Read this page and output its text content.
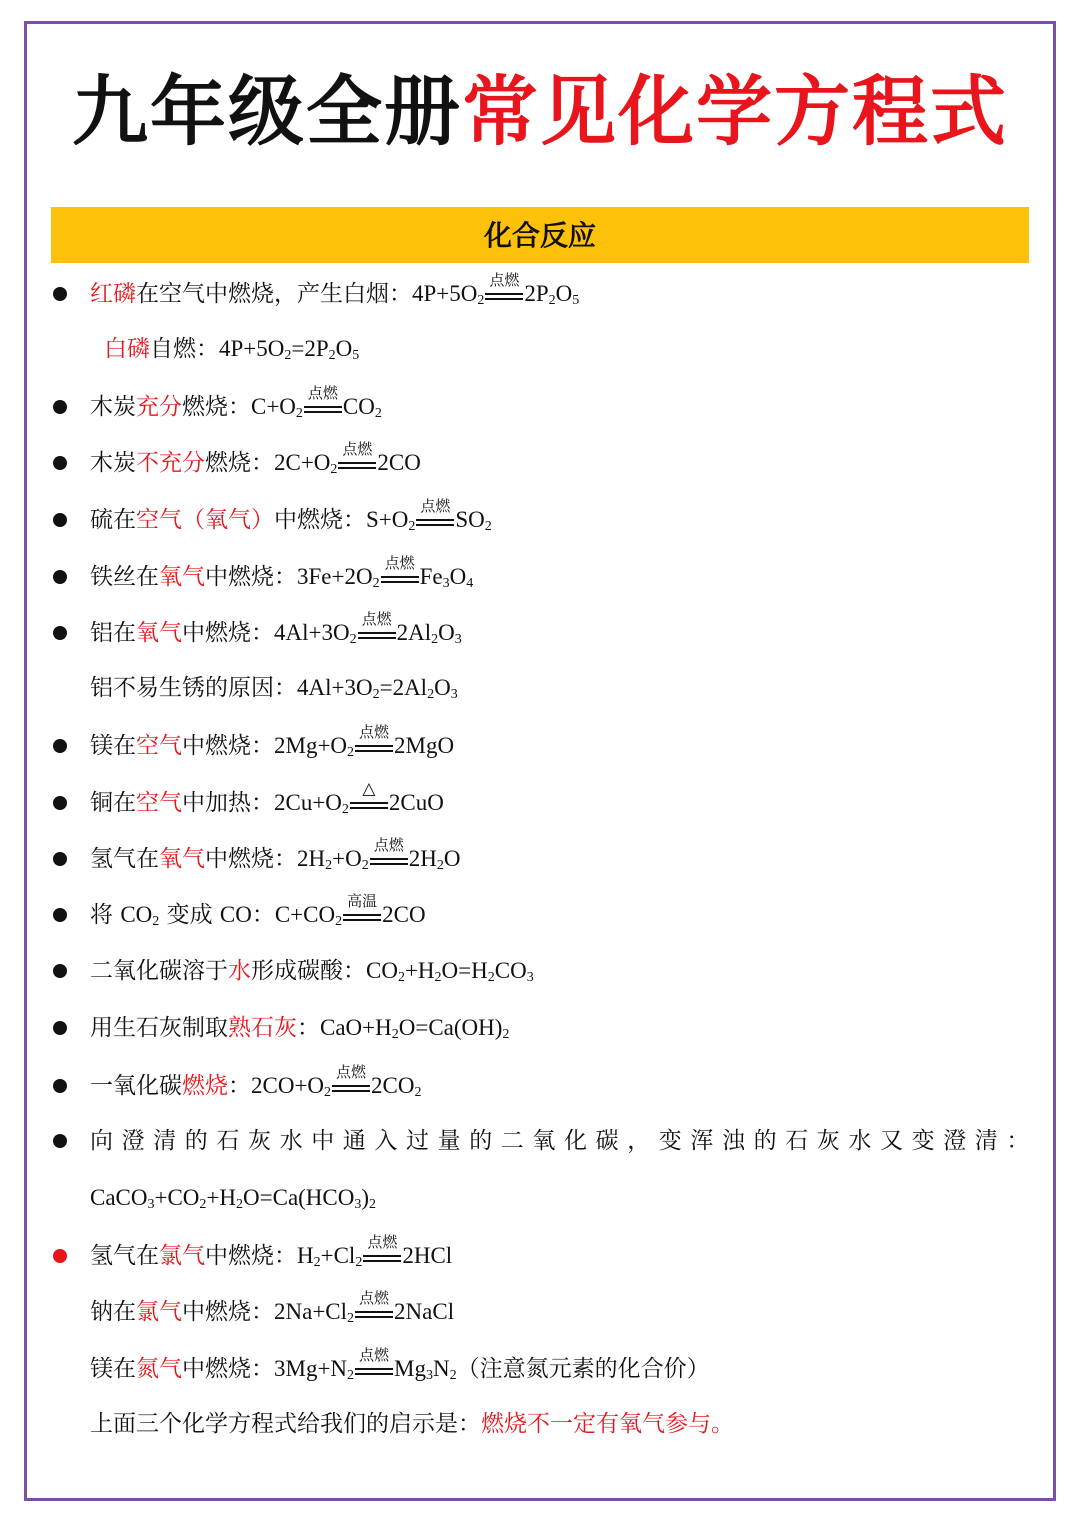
九年级全册常见化学方程式
化合反应
红磷在空气中燃烧，产生白烟：$4P+5O_2$
点燃
$2P_2O_5$
白磷自燃：$4P+5O_2=2P_2O_5$
木炭充分燃烧：$C+O_2$
点燃
$CO_2$
木炭不充分燃烧：$2C+O_2$
点燃
2CO
硫在空气（氧气）中燃烧：$S+O_2$
点燃
$SO_2$
铁丝在氧气中燃烧：$3Fe+2O_2$
点燃
$Fe_3O_4$
铝在氧气中燃烧：$4Al+3O_2$
点燃
$2Al_2O_3$
铝不易生锈的原因：$4Al+3O_2=2Al_2O_3$
镁在空气中燃烧：$2Mg+O_2$
点燃
2MgO
铜在空气中加热：$2Cu+O_2$
△
2CuO
氢气在氧气中燃烧：$2H_2+O_2$
点燃
$2H_2O$
将 $CO_2$ 变成 CO：$C+CO_2$
高温
2CO
二氧化碳溶于水形成碳酸：$CO_2+H_2O=H_2CO_3$
用生石灰制取熟石灰：$CaO+H_2O=Ca(OH)_2$
一氧化碳燃烧：$2CO+O_2$
点燃
$2CO_2$
向澄清的石灰水中通入过量的二氧化碳，变浑浊的石灰水又变澄清：
$CaCO_3+CO_2+H_2O=Ca(HCO_3)_2$
氢气在氯气中燃烧：$H_2+Cl_2$
点燃
2HCl
钠在氯气中燃烧：$2Na+Cl_2$
点燃
2NaCl
镁在氮气中燃烧：$3Mg+N_2$
点燃
$Mg_3N_2$（注意氮元素的化合价）
上面三个化学方程式给我们的启示是：燃烧不一定有氧气参与。
